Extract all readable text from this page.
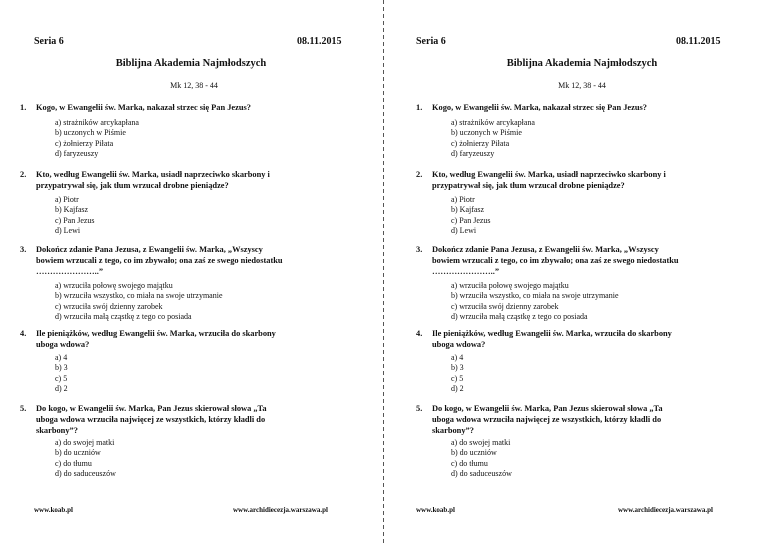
Seria 6	08.11.2015
Biblijna Akademia Najmłodszych
Mk 12, 38 - 44
1. Kogo, w Ewangelii św. Marka, nakazał strzec się Pan Jezus?
a) strażników arcykapłana
b) uczonych w Piśmie
c) żołnierzy Piłata
d) faryzeuszy
2. Kto, według Ewangelii św. Marka, usiadł naprzeciwko skarbony i
przypatrywał się, jak tłum wrzucał drobne pieniądze?
a) Piotr
b) Kajfasz
c) Pan Jezus
d) Lewi
3. Dokończ zdanie Pana Jezusa, z Ewangelii św. Marka, „Wszyscy
bowiem wrzucali z tego, co im zbywało; ona zaś ze swego niedostatku
…………………..”
a) wrzuciła połowę swojego majątku
b) wrzuciła wszystko, co miała na swoje utrzymanie
c) wrzuciła swój dzienny zarobek
d) wrzuciła małą cząstkę z tego co posiada
4. Ile pieniążków, według Ewangelii św. Marka, wrzuciła do skarbony
uboga wdowa?
a) 4
b) 3
c) 5
d) 2
5. Do kogo, w Ewangelii św. Marka, Pan Jezus skierował słowa „Ta
uboga wdowa wrzuciła najwięcej ze wszystkich, którzy kładli do
skarbony”?
a) do swojej matki
b) do uczniów
c) do tłumu
d) do saduceuszów
www.koab.pl	www.archidiecezja.warszawa.pl
Seria 6	08.11.2015
Biblijna Akademia Najmłodszych
Mk 12, 38 - 44
1. Kogo, w Ewangelii św. Marka, nakazał strzec się Pan Jezus?
a) strażników arcykapłana
b) uczonych w Piśmie
c) żołnierzy Piłata
d) faryzeuszy
2. Kto, według Ewangelii św. Marka, usiadł naprzeciwko skarbony i
przypatrywał się, jak tłum wrzucał drobne pieniądze?
a) Piotr
b) Kajfasz
c) Pan Jezus
d) Lewi
3. Dokończ zdanie Pana Jezusa, z Ewangelii św. Marka, „Wszyscy
bowiem wrzucali z tego, co im zbywało; ona zaś ze swego niedostatku
…………………..”
a) wrzuciła połowę swojego majątku
b) wrzuciła wszystko, co miała na swoje utrzymanie
c) wrzuciła swój dzienny zarobek
d) wrzuciła małą cząstkę z tego co posiada
4. Ile pieniążków, według Ewangelii św. Marka, wrzuciła do skarbony
uboga wdowa?
a) 4
b) 3
c) 5
d) 2
5. Do kogo, w Ewangelii św. Marka, Pan Jezus skierował słowa „Ta
uboga wdowa wrzuciła najwięcej ze wszystkich, którzy kładli do
skarbony”?
a) do swojej matki
b) do uczniów
c) do tłumu
d) do saduceuszów
www.koab.pl	www.archidiecezja.warszawa.pl
